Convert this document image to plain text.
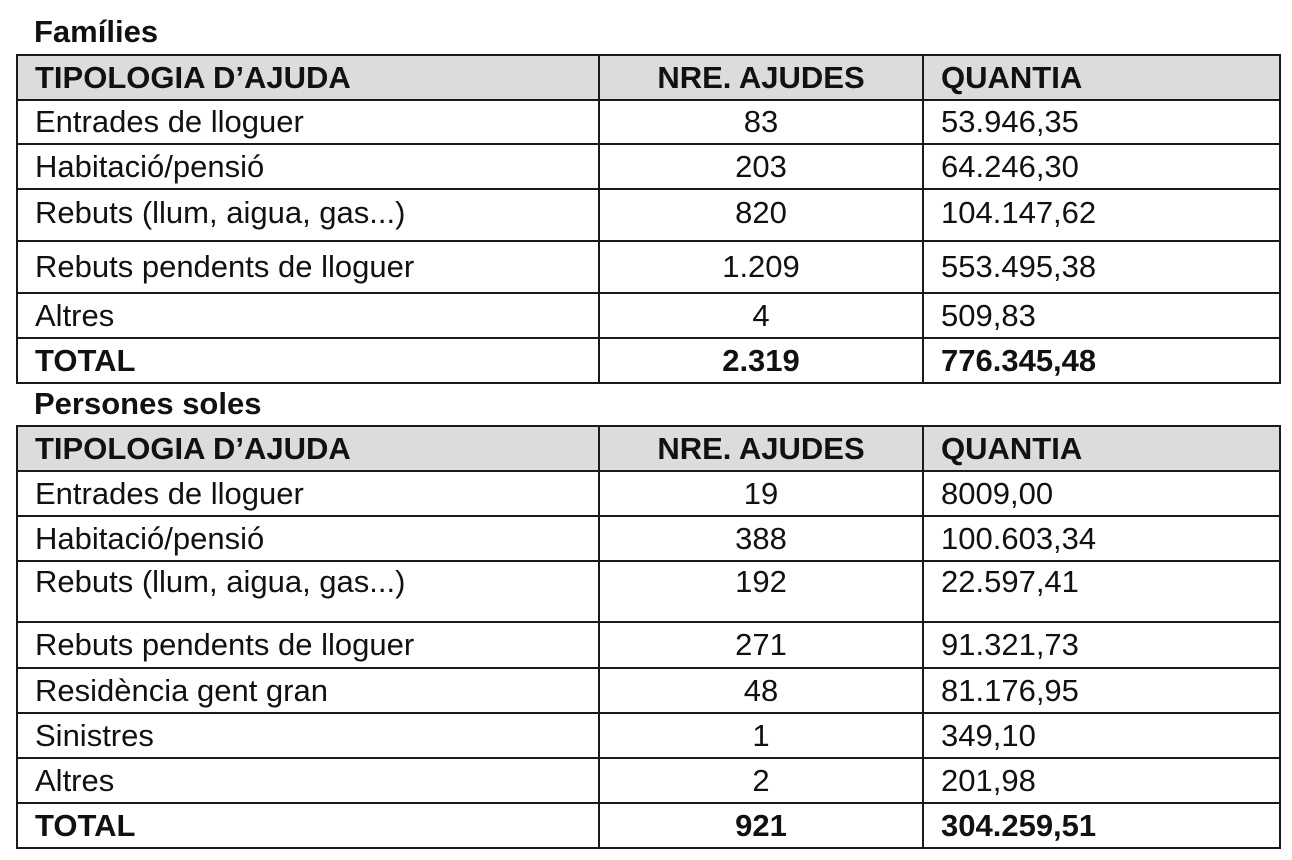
Famílies
TIPOLOGIA D’AJUDA	NRE. AJUDES	QUANTIA
Entrades de lloguer	83	53.946,35
Habitació/pensió	203	64.246,30
Rebuts (llum, aigua, gas...)	820	104.147,62
Rebuts pendents de lloguer	1.209	553.495,38
Altres	4	509,83
TOTAL	2.319	776.345,48
Persones soles
TIPOLOGIA D’AJUDA	NRE. AJUDES	QUANTIA
Entrades de lloguer	19	8009,00
Habitació/pensió	388	100.603,34
Rebuts (llum, aigua, gas...)	192	22.597,41
Rebuts pendents de lloguer	271	91.321,73
Residència gent gran	48	81.176,95
Sinistres	1	349,10
Altres	2	201,98
TOTAL	921	304.259,51
